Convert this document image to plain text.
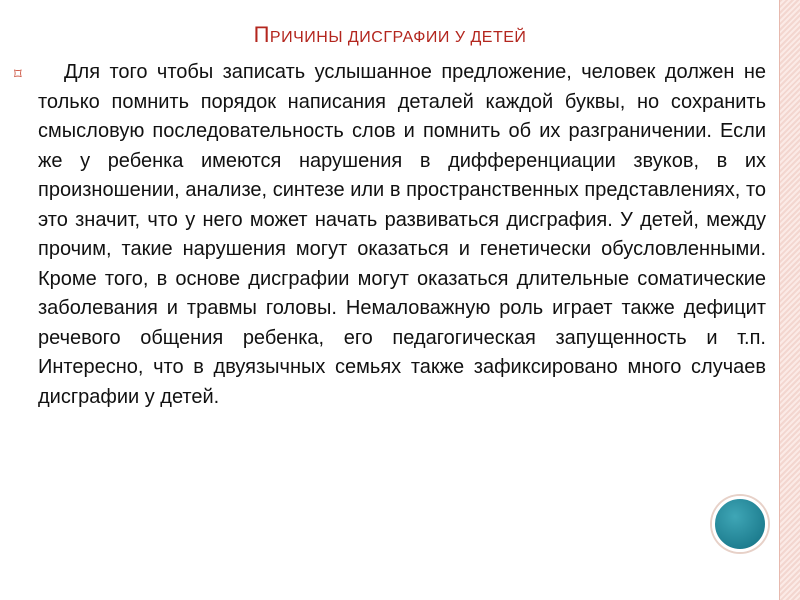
ПРИЧИНЫ ДИСГРАФИИ У ДЕТЕЙ
⌑	Для того чтобы записать услышанное предложение, человек должен не только помнить порядок написания деталей каждой буквы, но сохранить смысловую последовательность слов и помнить об их разграничении. Если же у ребенка имеются нарушения в дифференциации звуков, в их произношении, анализе, синтезе или в пространственных представлениях, то это значит, что у него может начать развиваться дисграфия. У детей, между прочим, такие нарушения могут оказаться и генетически обусловленными. Кроме того, в основе дисграфии могут оказаться длительные соматические заболевания и травмы головы. Немаловажную роль играет также дефицит речевого общения ребенка, его педагогическая запущенность и т.п. Интересно, что в двуязычных семьях также зафиксировано много случаев дисграфии у детей.
